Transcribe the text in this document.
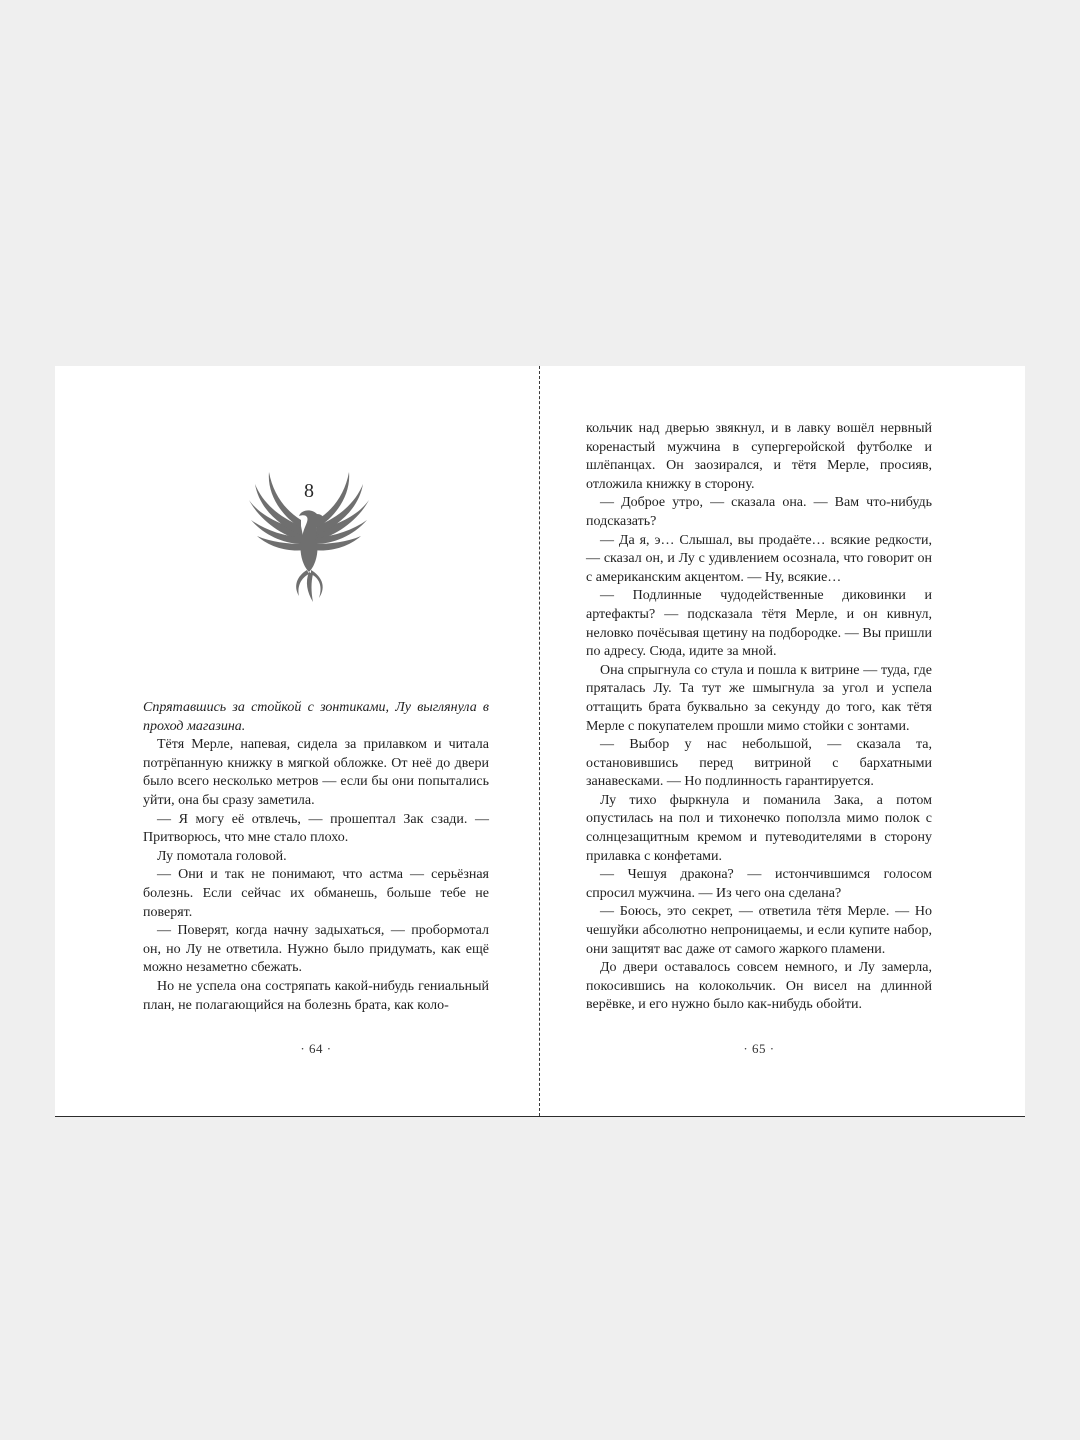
8

Спрятавшись за стойкой с зонтиками, Лу выглянула в проход магазина.

Тётя Мерле, напевая, сидела за прилавком и читала потрёпанную книжку в мягкой обложке. От неё до двери было всего несколько метров — если бы они попытались уйти, она бы сразу заметила.

— Я могу её отвлечь, — прошептал Зак сзади. — Притворюсь, что мне стало плохо.

Лу помотала головой.

— Они и так не понимают, что астма — серьёзная болезнь. Если сейчас их обманешь, больше тебе не поверят.

— Поверят, когда начну задыхаться, — пробормотал он, но Лу не ответила. Нужно было придумать, как ещё можно незаметно сбежать.

Но не успела она состряпать какой-нибудь гениальный план, не полагающийся на болезнь брата, как коло-

· 64 ·

кольчик над дверью звякнул, и в лавку вошёл нервный коренастый мужчина в супергеройской футболке и шлёпанцах. Он заозирался, и тётя Мерле, просияв, отложила книжку в сторону.

— Доброе утро, — сказала она. — Вам что-нибудь подсказать?

— Да я, э… Слышал, вы продаёте… всякие редкости, — сказал он, и Лу с удивлением осознала, что говорит он с американским акцентом. — Ну, всякие…

— Подлинные чудодейственные диковинки и артефакты? — подсказала тётя Мерле, и он кивнул, неловко почёсывая щетину на подбородке. — Вы пришли по адресу. Сюда, идите за мной.

Она спрыгнула со стула и пошла к витрине — туда, где пряталась Лу. Та тут же шмыгнула за угол и успела оттащить брата буквально за секунду до того, как тётя Мерле с покупателем прошли мимо стойки с зонтами.

— Выбор у нас небольшой, — сказала та, остановившись перед витриной с бархатными занавесками. — Но подлинность гарантируется.

Лу тихо фыркнула и поманила Зака, а потом опустилась на пол и тихонечко поползла мимо полок с солнцезащитным кремом и путеводителями в сторону прилавка с конфетами.

— Чешуя дракона? — истончившимся голосом спросил мужчина. — Из чего она сделана?

— Боюсь, это секрет, — ответила тётя Мерле. — Но чешуйки абсолютно непроницаемы, и если купите набор, они защитят вас даже от самого жаркого пламени.

До двери оставалось совсем немного, и Лу замерла, покосившись на колокольчик. Он висел на длинной верёвке, и его нужно было как-нибудь обойти.

· 65 ·
